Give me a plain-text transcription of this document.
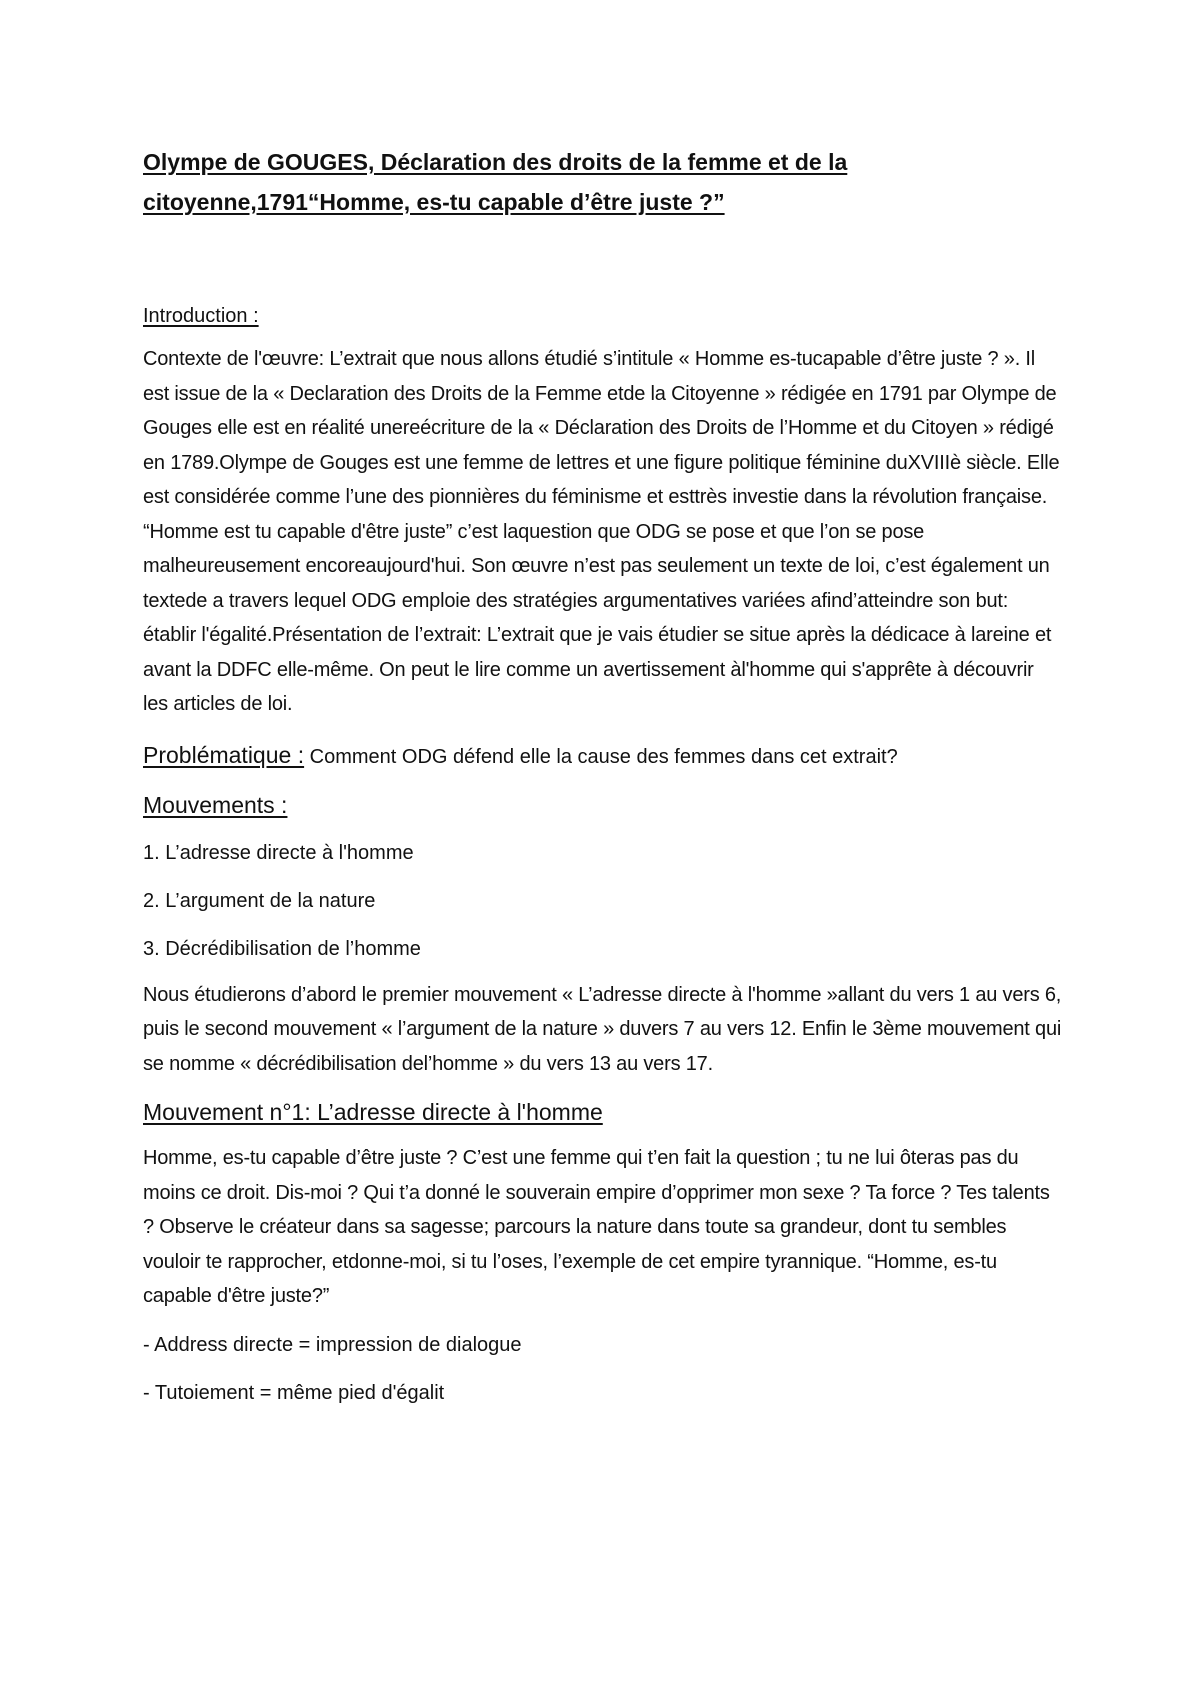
Olympe de GOUGES, Déclaration des droits de la femme et de la citoyenne,1791“Homme, es-tu capable d’être juste ?”
Introduction :

Contexte de l'œuvre: L’extrait que nous allons étudié s’intitule « Homme es-tucapable d’être juste ? ». Il est issue de la « Declaration des Droits de la Femme etde la Citoyenne » rédigée en 1791 par Olympe de Gouges elle est en réalité unereécriture de la « Déclaration des Droits de l’Homme et du Citoyen » rédigé en 1789.Olympe de Gouges est une femme de lettres et une figure politique féminine duXVIIIè siècle. Elle est considérée comme l’une des pionnières du féminisme et esttrès investie dans la révolution française. “Homme est tu capable d'être juste” c’est laquestion que ODG se pose et que l’on se pose malheureusement encoreaujourd'hui. Son œuvre n’est pas seulement un texte de loi, c’est également un textede a travers lequel ODG emploie des stratégies argumentatives variées afind’atteindre son but: établir l'égalité.Présentation de l’extrait: L’extrait que je vais étudier se situe après la dédicace à lareine et avant la DDFC elle-même. On peut le lire comme un avertissement àl'homme qui s'apprête à découvrir les articles de loi.

Problématique : Comment ODG défend elle la cause des femmes dans cet extrait?

Mouvements :

1. L’adresse directe à l'homme

2. L’argument de la nature

3. Décrédibilisation de l’homme

Nous étudierons d’abord le premier mouvement « L’adresse directe à l'homme »allant du vers 1 au vers 6, puis le second mouvement « l’argument de la nature » duvers 7 au vers 12. Enfin le 3ème mouvement qui se nomme « décrédibilisation del’homme » du vers 13 au vers 17.

Mouvement n°1: L’adresse directe à l'homme

Homme, es-tu capable d’être juste ? C’est une femme qui t’en fait la question ; tu ne lui ôteras pas du moins ce droit. Dis-moi ? Qui t’a donné le souverain empire d’opprimer mon sexe ? Ta force ? Tes talents ? Observe le créateur dans sa sagesse; parcours la nature dans toute sa grandeur, dont tu sembles vouloir te rapprocher, etdonne-moi, si tu l’oses, l’exemple de cet empire tyrannique. “Homme, es-tu capable d'être juste?”

- Address directe = impression de dialogue

- Tutoiement = même pied d'égalit
